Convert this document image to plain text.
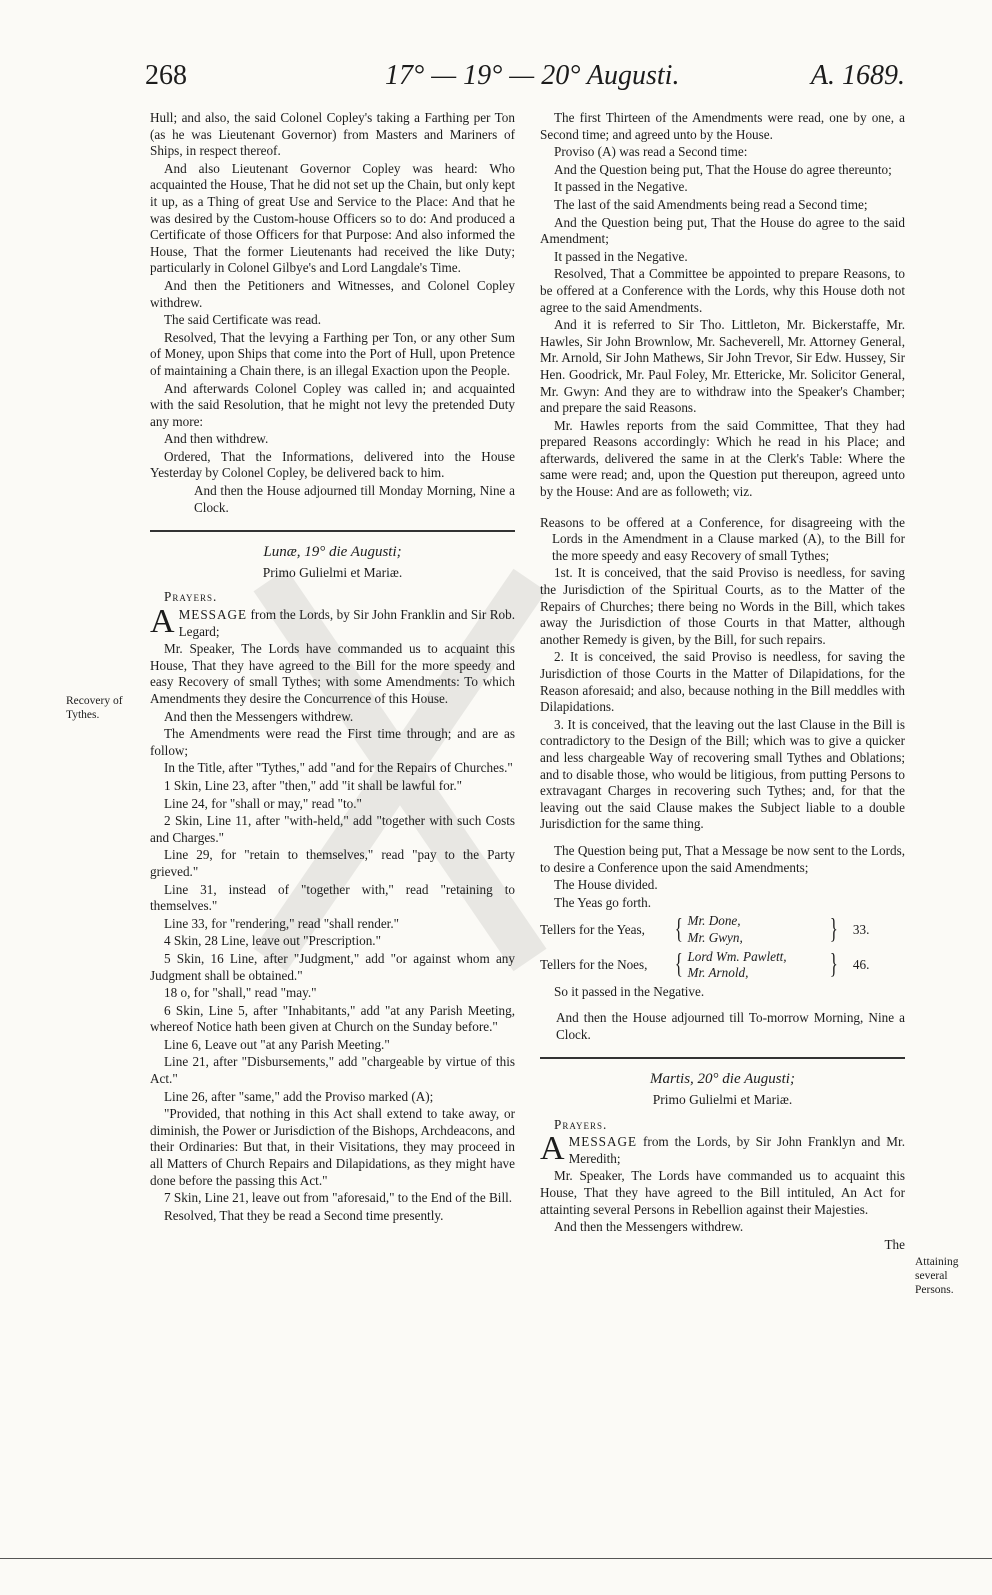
268	17° — 19° — 20° Augusti.	A. 1689.

Hull; and also, the said Colonel Copley's taking a Farthing per Ton (as he was Lieutenant Governor) from Masters and Mariners of Ships, in respect thereof.

And also Lieutenant Governor Copley was heard: Who acquainted the House, That he did not set up the Chain, but only kept it up, as a Thing of great Use and Service to the Place: And that he was desired by the Custom-house Officers so to do: And produced a Certificate of those Officers for that Purpose: And also informed the House, That the former Lieutenants had received the like Duty; particularly in Colonel Gilbye's and Lord Langdale's Time.

And then the Petitioners and Witnesses, and Colonel Copley withdrew.

The said Certificate was read.

Resolved, That the levying a Farthing per Ton, or any other Sum of Money, upon Ships that come into the Port of Hull, upon Pretence of maintaining a Chain there, is an illegal Exaction upon the People.

And afterwards Colonel Copley was called in; and acquainted with the said Resolution, that he might not levy the pretended Duty any more:

And then withdrew.

Ordered, That the Informations, delivered into the House Yesterday by Colonel Copley, be delivered back to him.

And then the House adjourned till Monday Morning, Nine a Clock.

Lunæ, 19° die Augusti;
Primo Gulielmi et Mariæ.

Prayers.

AMESSAGE from the Lords, by Sir John Franklin and Sir Rob. Legard;

Mr. Speaker, The Lords have commanded us to acquaint this House, That they have agreed to the Bill for the more speedy and easy Recovery of small Tythes; with some Amendments: To which Amendments they desire the Concurrence of this House.

And then the Messengers withdrew.

The Amendments were read the First time through; and are as follow;

In the Title, after "Tythes," add "and for the Repairs of Churches."

1 Skin, Line 23, after "then," add "it shall be lawful for."

Line 24, for "shall or may," read "to."

2 Skin, Line 11, after "with-held," add "together with such Costs and Charges."

Line 29, for "retain to themselves," read "pay to the Party grieved."

Line 31, instead of "together with," read "retaining to themselves."

Line 33, for "rendering," read "shall render."

4 Skin, 28 Line, leave out "Prescription."

5 Skin, 16 Line, after "Judgment," add "or against whom any Judgment shall be obtained."

18 o, for "shall," read "may."

6 Skin, Line 5, after "Inhabitants," add "at any Parish Meeting, whereof Notice hath been given at Church on the Sunday before."

Line 6, Leave out "at any Parish Meeting."

Line 21, after "Disbursements," add "chargeable by virtue of this Act."

Line 26, after "same," add the Proviso marked (A);

"Provided, that nothing in this Act shall extend to take away, or diminish, the Power or Jurisdiction of the Bishops, Archdeacons, and their Ordinaries: But that, in their Visitations, they may proceed in all Matters of Church Repairs and Dilapidations, as they might have done before the passing this Act."

7 Skin, Line 21, leave out from "aforesaid," to the End of the Bill.

Resolved, That they be read a Second time presently.

Recovery of Tythes.

The first Thirteen of the Amendments were read, one by one, a Second time; and agreed unto by the House.

Proviso (A) was read a Second time:

And the Question being put, That the House do agree thereunto;

It passed in the Negative.

The last of the said Amendments being read a Second time;

And the Question being put, That the House do agree to the said Amendment;

It passed in the Negative.

Resolved, That a Committee be appointed to prepare Reasons, to be offered at a Conference with the Lords, why this House doth not agree to the said Amendments.

And it is referred to Sir Tho. Littleton, Mr. Bickerstaffe, Mr. Hawles, Sir John Brownlow, Mr. Sacheverell, Mr. Attorney General, Mr. Arnold, Sir John Mathews, Sir John Trevor, Sir Edw. Hussey, Sir Hen. Goodrick, Mr. Paul Foley, Mr. Ettericke, Mr. Solicitor General, Mr. Gwyn: And they are to withdraw into the Speaker's Chamber; and prepare the said Reasons.

Mr. Hawles reports from the said Committee, That they had prepared Reasons accordingly: Which he read in his Place; and afterwards, delivered the same in at the Clerk's Table: Where the same were read; and, upon the Question put thereupon, agreed unto by the House: And are as followeth; viz.

Reasons to be offered at a Conference, for disagreeing with the Lords in the Amendment in a Clause marked (A), to the Bill for the more speedy and easy Recovery of small Tythes;

1st. It is conceived, that the said Proviso is needless, for saving the Jurisdiction of the Spiritual Courts, as to the Matter of the Repairs of Churches; there being no Words in the Bill, which takes away the Jurisdiction of those Courts in that Matter, although another Remedy is given, by the Bill, for such repairs.

2. It is conceived, the said Proviso is needless, for saving the Jurisdiction of those Courts in the Matter of Dilapidations, for the Reason aforesaid; and also, because nothing in the Bill meddles with Dilapidations.

3. It is conceived, that the leaving out the last Clause in the Bill is contradictory to the Design of the Bill; which was to give a quicker and less chargeable Way of recovering small Tythes and Oblations; and to disable those, who would be litigious, from putting Persons to extravagant Charges in recovering such Tythes; and, for that the leaving out the said Clause makes the Subject liable to a double Jurisdiction for the same thing.

The Question being put, That a Message be now sent to the Lords, to desire a Conference upon the said Amendments;

The House divided.

The Yeas go forth.

Tellers for the Yeas,	{ Mr. Done,
Mr. Gwyn,	} 33.
Tellers for the Noes, { Lord Wm. Pawlett,
Mr. Arnold,	} 46.

So it passed in the Negative.

And then the House adjourned till To-morrow Morning, Nine a Clock.

Martis, 20° die Augusti;
Primo Gulielmi et Mariæ.

Prayers.

AMESSAGE from the Lords, by Sir John Franklyn and Mr. Meredith;

Mr. Speaker, The Lords have commanded us to acquaint this House, That they have agreed to the Bill intituled, An Act for attainting several Persons in Rebellion against their Majesties.

And then the Messengers withdrew.

The

Attaining several Persons.
